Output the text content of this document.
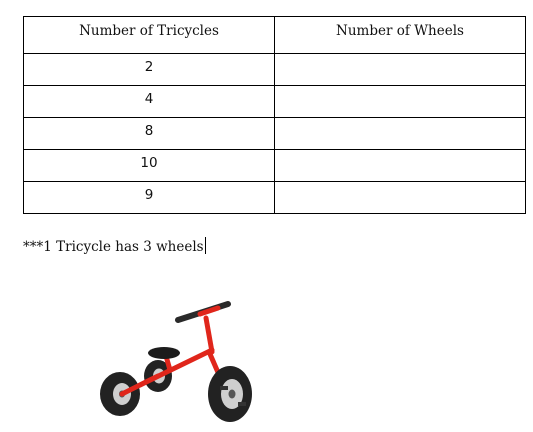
Number of Tricycles	Number of Wheels
2	
4	
8	
10	
9	
***1 Tricycle has 3 wheels
